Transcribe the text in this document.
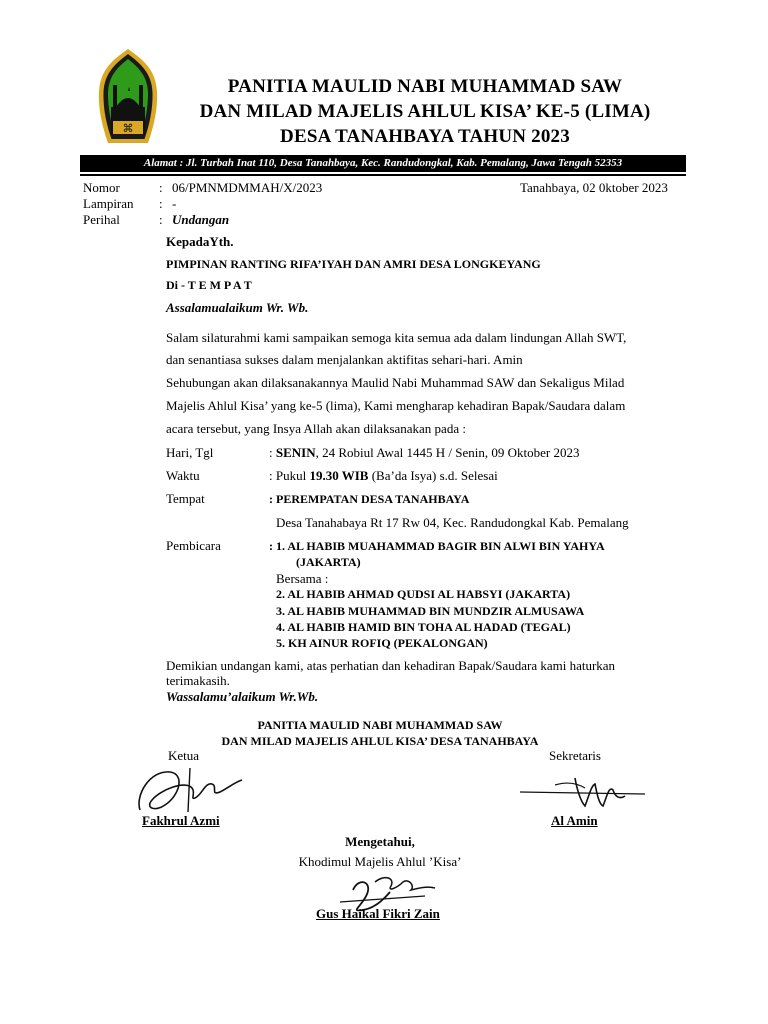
⌘
PANITIA MAULID NABI MUHAMMAD SAW
DAN MILAD MAJELIS AHLUL KISA’ KE-5 (LIMA)
DESA TANAHBAYA TAHUN 2023
Alamat : Jl. Turbah Inat 110, Desa Tanahbaya, Kec. Randudongkal, Kab. Pemalang, Jawa Tengah 52353
Nomor	: 06/PMNMDMMAH/X/2023	Tanahbaya, 02 0ktober 2023
Lampiran : -
Perihal	: Undangan
KepadaYth.
PIMPINAN RANTING RIFA’IYAH DAN AMRI DESA LONGKEYANG
Di - T E M P A T
Assalamualaikum Wr. Wb.
Salam silaturahmi kami sampaikan semoga kita semua ada dalam lindungan Allah SWT,
dan senantiasa sukses dalam menjalankan aktifitas sehari-hari. Amin
Sehubungan akan dilaksanakannya Maulid Nabi Muhammad SAW dan Sekaligus Milad
Majelis Ahlul Kisa’ yang ke-5 (lima), Kami mengharap kehadiran Bapak/Saudara dalam
acara tersebut, yang Insya Allah akan dilaksanakan pada :
Hari, Tgl	: SENIN, 24 Robiul Awal 1445 H / Senin, 09 Oktober 2023
Waktu	: Pukul 19.30 WIB (Ba’da Isya) s.d. Selesai
Tempat	: PEREMPATAN DESA TANAHBAYA
Desa Tanahabaya Rt 17 Rw 04, Kec. Randudongkal Kab. Pemalang
Pembicara	: 1. AL HABIB MUAHAMMAD BAGIR BIN ALWI BIN YAHYA
(JAKARTA)
Bersama :
2. AL HABIB AHMAD QUDSI AL HABSYI (JAKARTA)
3. AL HABIB MUHAMMAD BIN MUNDZIR ALMUSAWA
4. AL HABIB HAMID BIN TOHA AL HADAD (TEGAL)
5. KH AINUR ROFIQ (PEKALONGAN)
Demikian undangan kami, atas perhatian dan kehadiran Bapak/Saudara kami haturkan
terimakasih.
Wassalamu’alaikum Wr.Wb.
PANITIA MAULID NABI MUHAMMAD SAW
DAN MILAD MAJELIS AHLUL KISA’ DESA TANAHBAYA
Ketua	Sekretaris
Fakhrul Azmi	Al Amin
Mengetahui,
Khodimul Majelis Ahlul ’Kisa’
Gus Haikal Fikri Zain
